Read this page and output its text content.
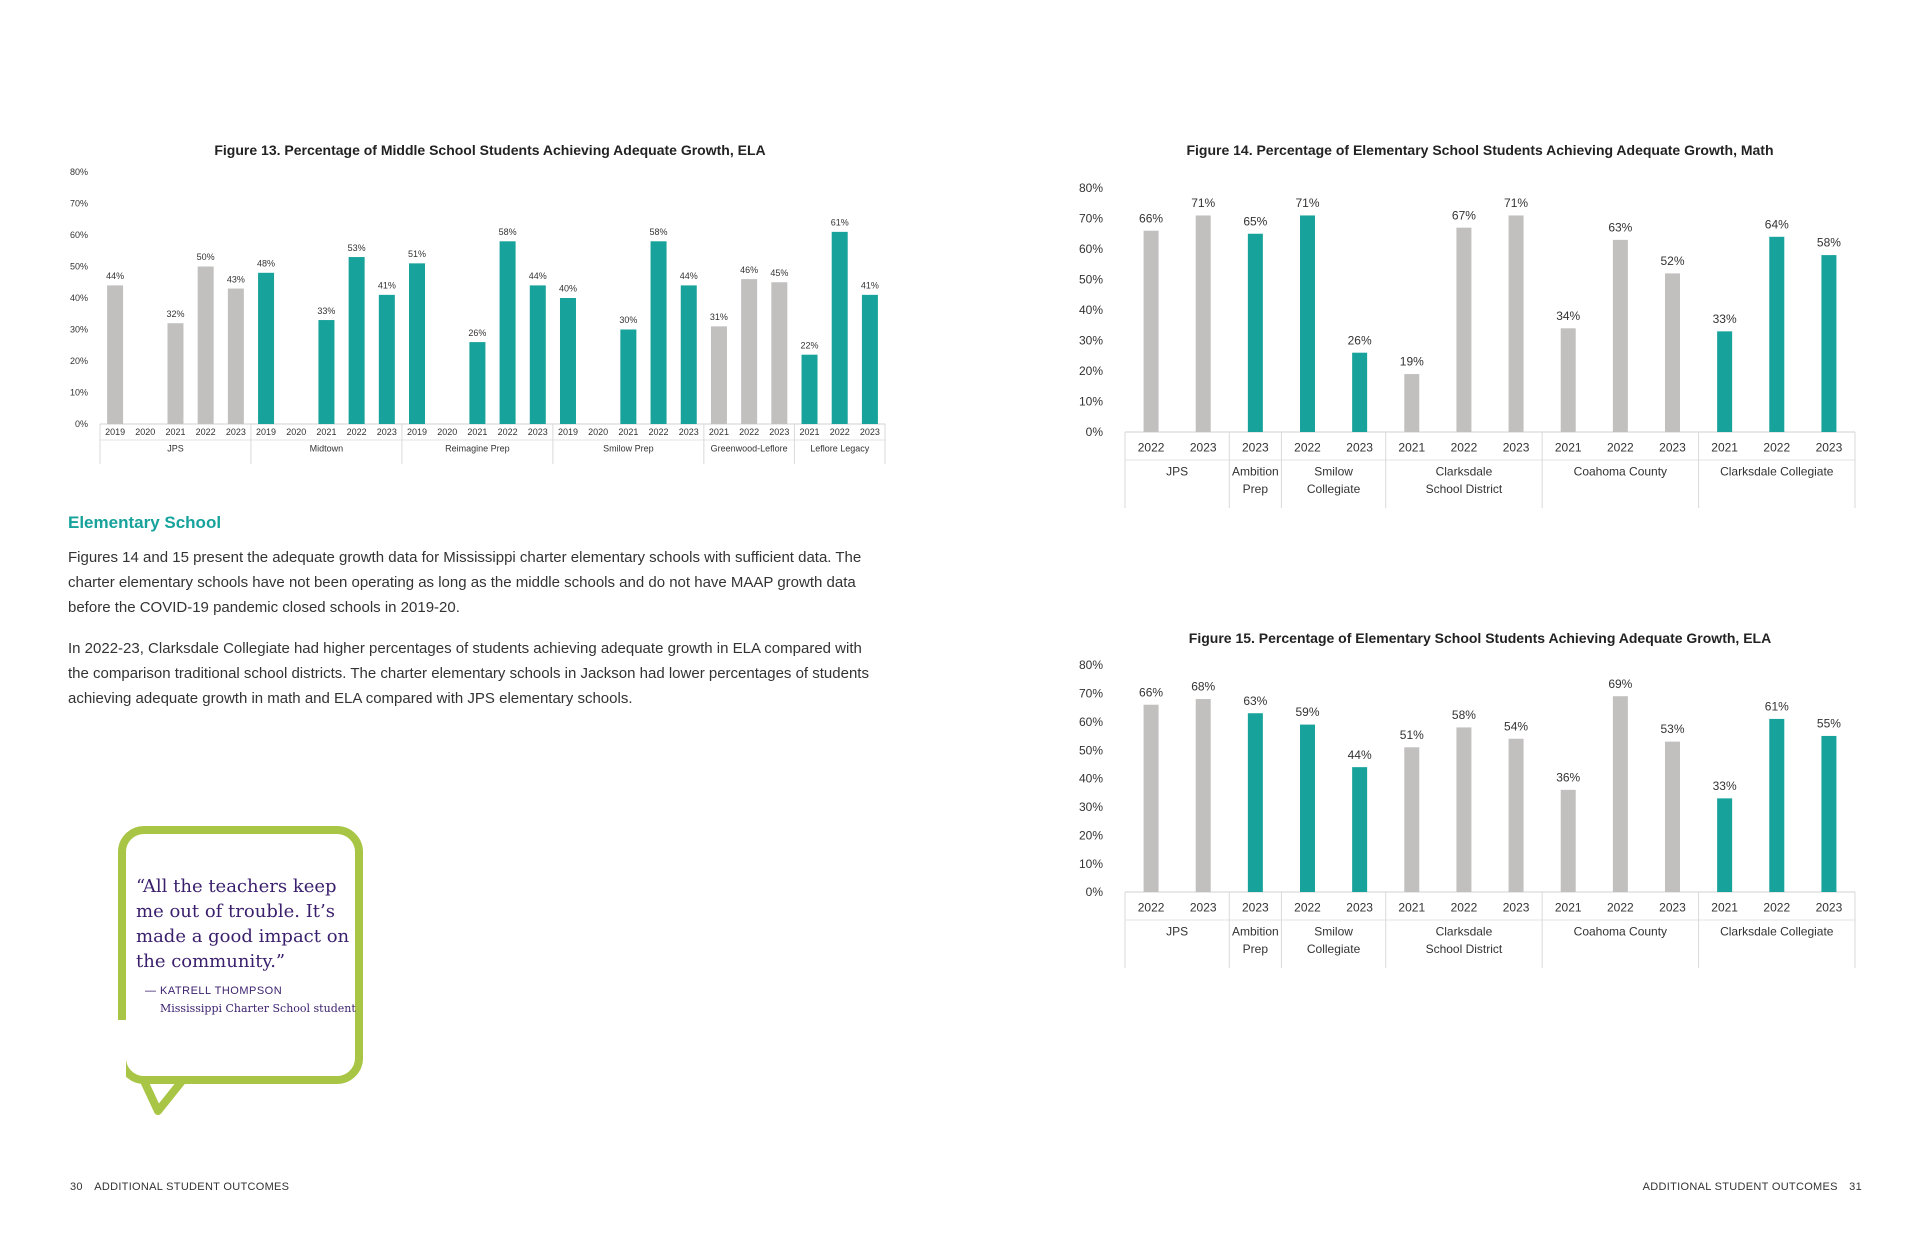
Figure 13. Percentage of Middle School Students Achieving Adequate Growth, ELA
0%
10%
20%
30%
40%
50%
60%
70%
80%
44%
2019 2020
32%
2021
50%
2022
43%
2023
JPS
48%
2019 2020
33%
2021
53%
2022
41%
2023
Midtown
51%
2019 2020
26%
2021
58%
2022
44%
2023
Reimagine Prep
40%
2019 2020
30%
2021
58%
2022
44%
2023
Smilow Prep
31%
2021
46%
2022
45%
2023
Greenwood-Leflore
22%
2021
61%
2022
41%
2023
Leflore Legacy
Figure 14. Percentage of Elementary School Students Achieving Adequate Growth, Math
0%
10%
20%
30%
40%
50%
60%
70%
80%
66%
2022
71%
2023
JPS
65%
2023
Ambition
Prep
71%
2022
26%
2023
Smilow
Collegiate
19%
2021
67%
2022
71%
2023
Clarksdale
School District
34%
2021
63%
2022
52%
2023
Coahoma County
33%
2021
64%
2022
58%
2023
Clarksdale Collegiate
Figure 15. Percentage of Elementary School Students Achieving Adequate Growth, ELA
0%
10%
20%
30%
40%
50%
60%
70%
80%
66%
2022
68%
2023
JPS
63%
2023
Ambition
Prep
59%
2022
44%
2023
Smilow
Collegiate
51%
2021
58%
2022
54%
2023
Clarksdale
School District
36%
2021
69%
2022
53%
2023
Coahoma County
33%
2021
61%
2022
55%
2023
Clarksdale Collegiate
Elementary School
Figures 14 and 15 present the adequate growth data for Mississippi charter elementary schools with sufficient data. The charter elementary schools have not been operating as long as the middle schools and do not have MAAP growth data before the COVID-19 pandemic closed schools in 2019-20.
In 2022-23, Clarksdale Collegiate had higher percentages of students achieving adequate growth in ELA compared with the comparison traditional school districts. The charter elementary schools in Jackson had lower percentages of students achieving adequate growth in math and ELA compared with JPS elementary schools.
“All the teachers keep me out of trouble. It’s made a good impact on the community.”
— KATRELL THOMPSON
Mississippi Charter School student
30 ADDITIONAL STUDENT OUTCOMES	ADDITIONAL STUDENT OUTCOMES 31
